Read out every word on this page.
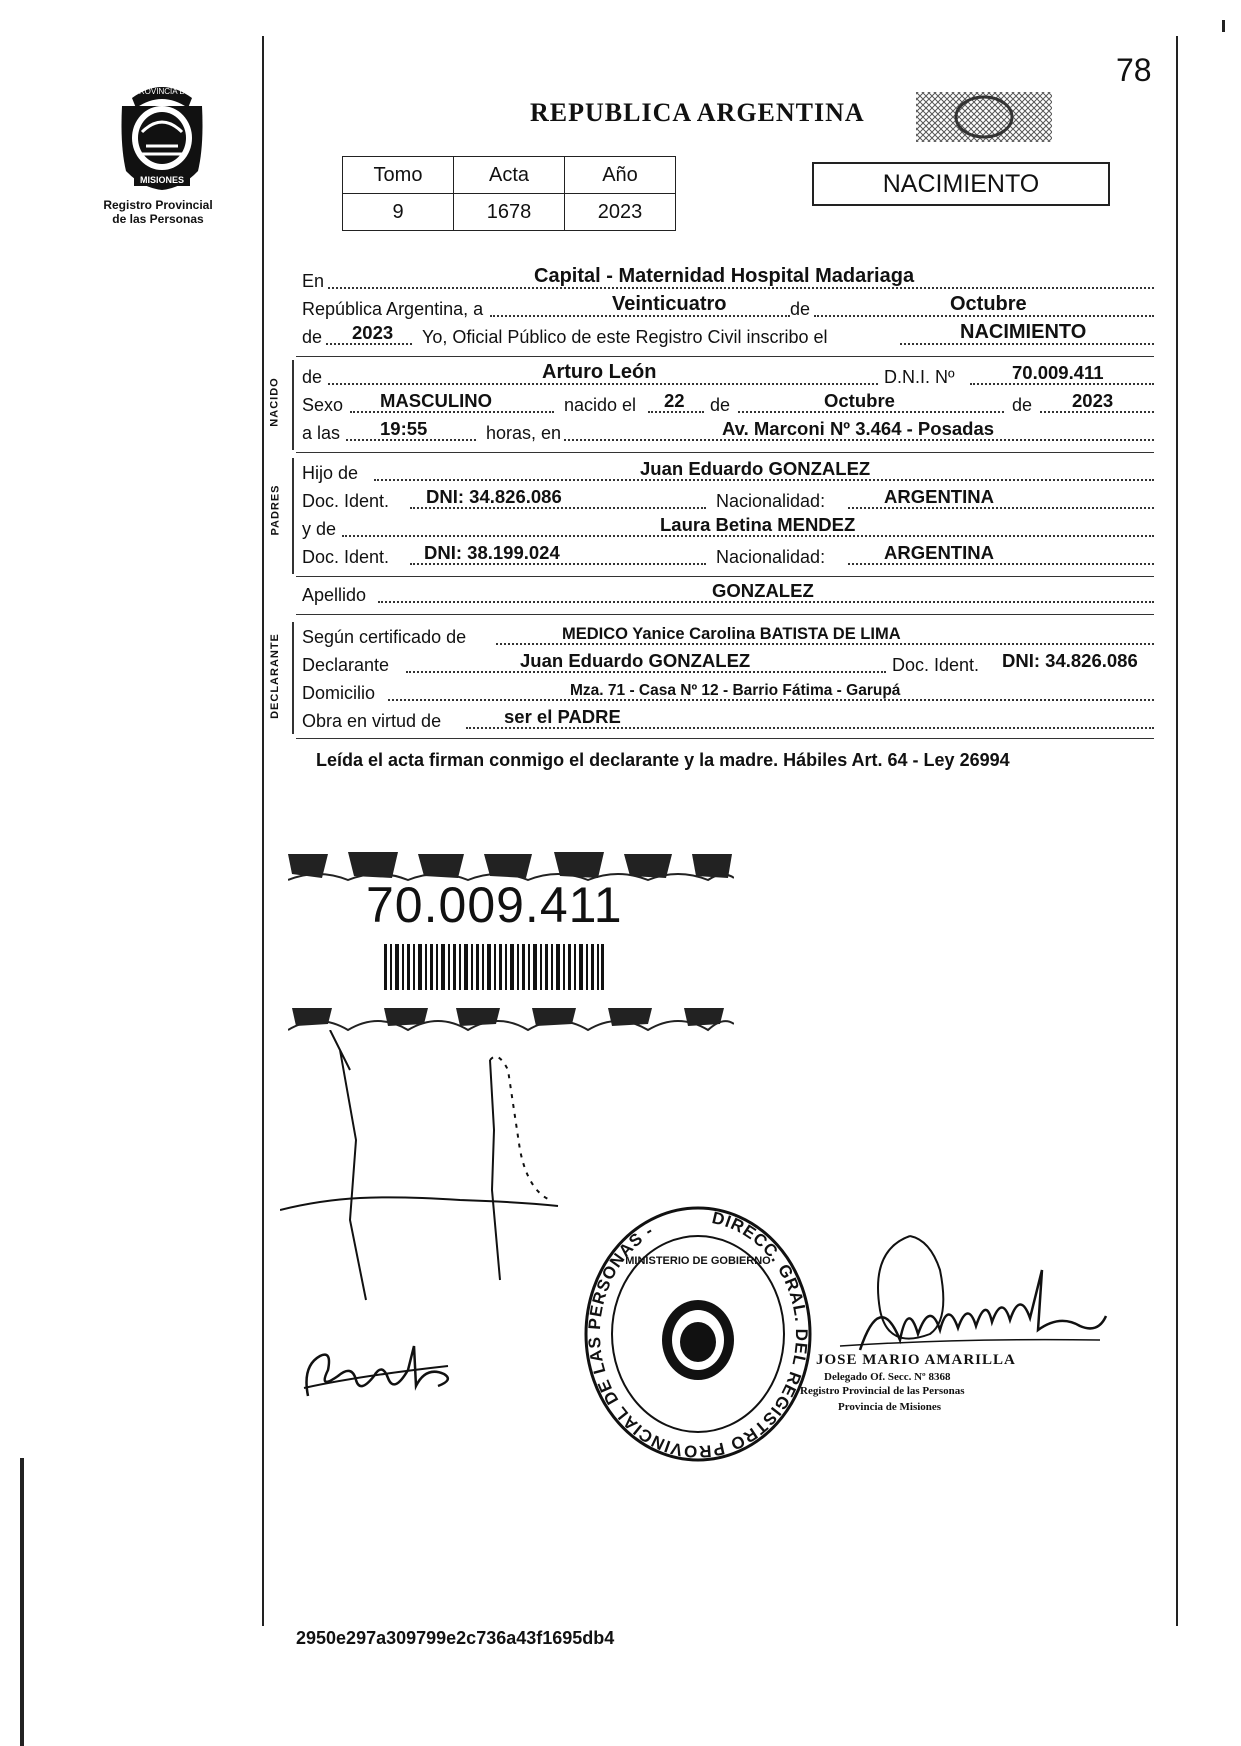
78
PROVINCIA DE
MISIONES
Registro Provincial
de las Personas
REPUBLICA ARGENTINA
Tomo	Acta	Año
9	1678	2023
NACIMIENTO
En	Capital - Maternidad Hospital Madariaga
República Argentina, a	Veinticuatro	de	Octubre
de 2023 Yo, Oficial Público de este Registro Civil inscribo el	NACIMIENTO
NACIDO
de	Arturo León	D.N.I. Nº	70.009.411
Sexo MASCULINO	nacido el 22 de	Octubre	de 2023
a las 19:55	horas, en	Av. Marconi Nº 3.464 - Posadas
PADRES
Hijo de	Juan Eduardo GONZALEZ
Doc. Ident. DNI: 34.826.086	Nacionalidad:	ARGENTINA
y de	Laura Betina MENDEZ
Doc. Ident. DNI: 38.199.024	Nacionalidad:	ARGENTINA
Apellido	GONZALEZ
DECLARANTE Según certificado de	MEDICO Yanice Carolina BATISTA DE LIMA
Declarante	Juan Eduardo GONZALEZ	Doc. Ident. DNI: 34.826.086
Domicilio	Mza. 71 - Casa Nº 12 - Barrio Fátima - Garupá
Obra en virtud de	ser el PADRE
Leída el acta firman conmigo el declarante y la madre. Hábiles Art. 64 - Ley 26994
70.009.411
DIRECC. GRAL. DEL REGISTRO PROVINCIAL DE LAS PERSONAS -
MINISTERIO DE GOBIERNO
JOSE MARIO AMARILLA
Delegado Of. Secc. Nº 8368
Registro Provincial de las Personas
Provincia de Misiones
2950e297a309799e2c736a43f1695db4
